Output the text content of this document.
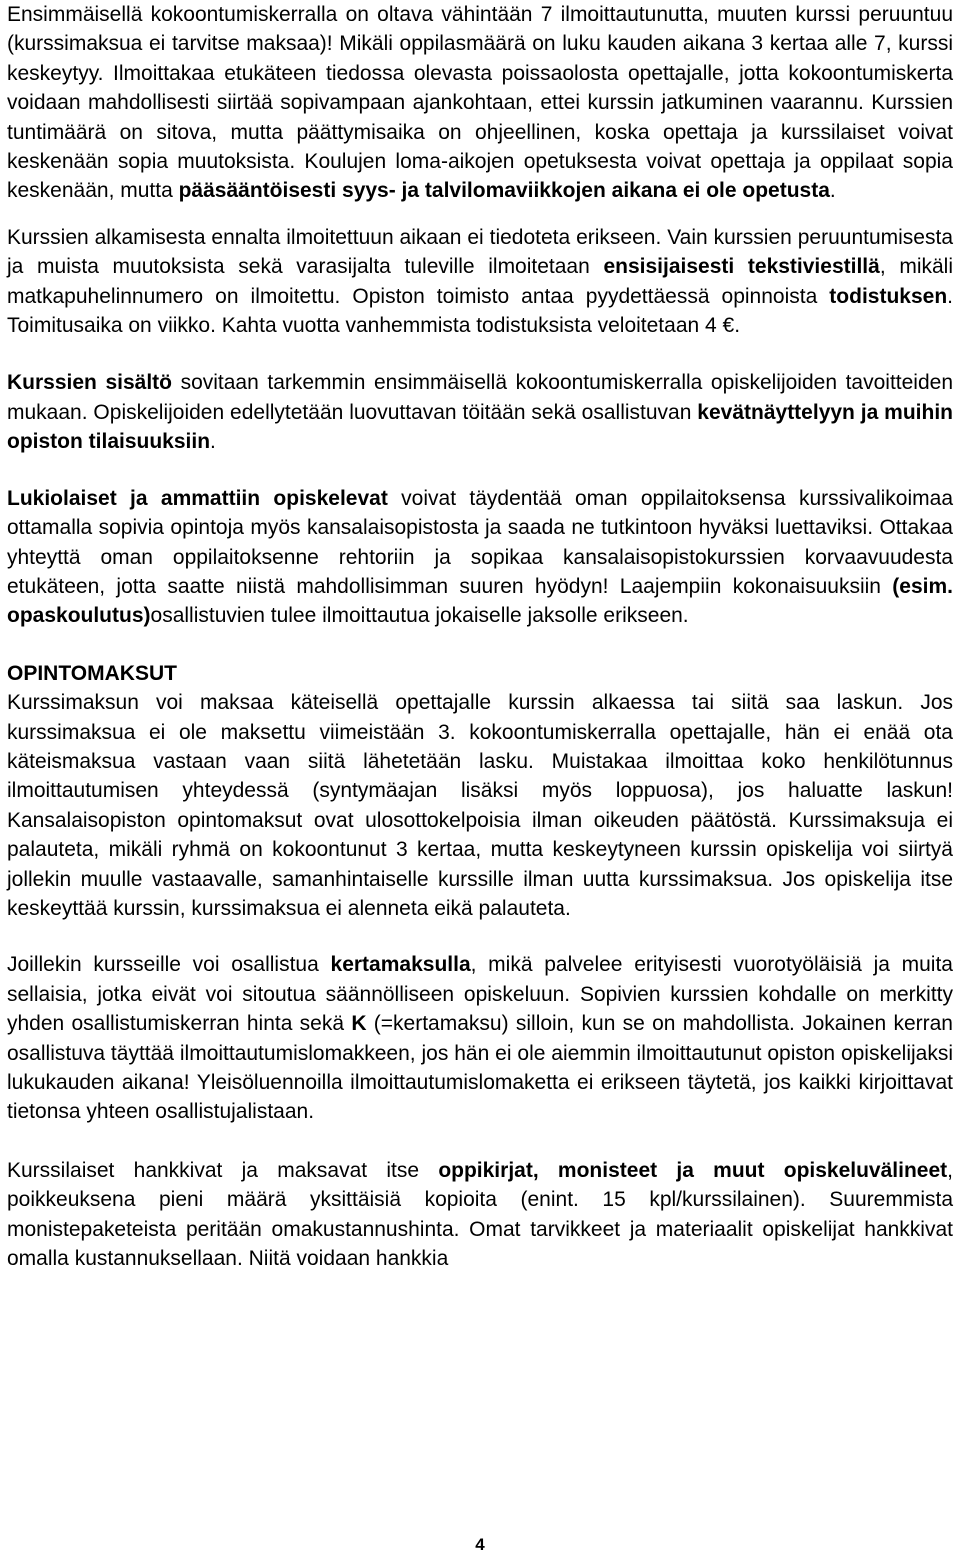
Ensimmäisellä kokoontumiskerralla on oltava vähintään 7 ilmoittautunutta, muuten kurssi peruuntuu (kurssimaksua ei tarvitse maksaa)! Mikäli oppilasmäärä on luku kauden aikana 3 kertaa alle 7, kurssi keskeytyy. Ilmoittakaa etukäteen tiedossa olevasta poissaolosta opettajalle, jotta kokoontumiskerta voidaan mahdollisesti siirtää sopivampaan ajankohtaan, ettei kurssin jatkuminen vaarannu. Kurssien tuntimäärä on sitova, mutta päättymisaika on ohjeellinen, koska opettaja ja kurssilaiset voivat keskenään sopia muutoksista. Koulujen loma-aikojen opetuksesta voivat opettaja ja oppilaat sopia keskenään, mutta pääsääntöisesti syys- ja talvilomaviikkojen aikana ei ole opetusta.

Kurssien alkamisesta ennalta ilmoitettuun aikaan ei tiedoteta erikseen. Vain kurssien peruuntumisesta ja muista muutoksista sekä varasijalta tuleville ilmoitetaan ensisijaisesti tekstiviestillä, mikäli matkapuhelinnumero on ilmoitettu. Opiston toimisto antaa pyydettäessä opinnoista todistuksen. Toimitusaika on viikko. Kahta vuotta vanhemmista todistuksista veloitetaan 4 €.

Kurssien sisältö sovitaan tarkemmin ensimmäisellä kokoontumiskerralla opiskelijoiden tavoitteiden mukaan. Opiskelijoiden edellytetään luovuttavan töitään sekä osallistuvan kevätnäyttelyyn ja muihin opiston tilaisuuksiin.

Lukiolaiset ja ammattiin opiskelevat voivat täydentää oman oppilaitoksensa kurssivalikoimaa ottamalla sopivia opintoja myös kansalaisopistosta ja saada ne tutkintoon hyväksi luettaviksi. Ottakaa yhteyttä oman oppilaitoksenne rehtoriin ja sopikaa kansalaisopistokurssien korvaavuudesta etukäteen, jotta saatte niistä mahdollisimman suuren hyödyn! Laajempiin kokonaisuuksiin (esim. opaskoulutus)osallistuvien tulee ilmoittautua jokaiselle jaksolle erikseen.

OPINTOMAKSUT
Kurssimaksun voi maksaa käteisellä opettajalle kurssin alkaessa tai siitä saa laskun. Jos kurssimaksua ei ole maksettu viimeistään 3. kokoontumiskerralla opettajalle, hän ei enää ota käteismaksua vastaan vaan siitä lähetetään lasku. Muistakaa ilmoittaa koko henkilötunnus ilmoittautumisen yhteydessä (syntymäajan lisäksi myös loppuosa), jos haluatte laskun! Kansalaisopiston opintomaksut ovat ulosottokelpoisia ilman oikeuden päätöstä. Kurssimaksuja ei palauteta, mikäli ryhmä on kokoontunut 3 kertaa, mutta keskeytyneen kurssin opiskelija voi siirtyä jollekin muulle vastaavalle, samanhintaiselle kurssille ilman uutta kurssimaksua. Jos opiskelija itse keskeyttää kurssin, kurssimaksua ei alenneta eikä palauteta.

Joillekin kursseille voi osallistua kertamaksulla, mikä palvelee erityisesti vuorotyöläisiä ja muita sellaisia, jotka eivät voi sitoutua säännölliseen opiskeluun. Sopivien kurssien kohdalle on merkitty yhden osallistumiskerran hinta sekä K (=kertamaksu) silloin, kun se on mahdollista. Jokainen kerran osallistuva täyttää ilmoittautumislomakkeen, jos hän ei ole aiemmin ilmoittautunut opiston opiskelijaksi lukukauden aikana! Yleisöluennoilla ilmoittautumislomaketta ei erikseen täytetä, jos kaikki kirjoittavat tietonsa yhteen osallistujalistaan.

Kurssilaiset hankkivat ja maksavat itse oppikirjat, monisteet ja muut opiskeluvälineet, poikkeuksena pieni määrä yksittäisiä kopioita (enint. 15 kpl/kurssilainen). Suuremmista monistepaketeista peritään omakustannushinta. Omat tarvikkeet ja materiaalit opiskelijat hankkivat omalla kustannuksellaan. Niitä voidaan hankkia

4
